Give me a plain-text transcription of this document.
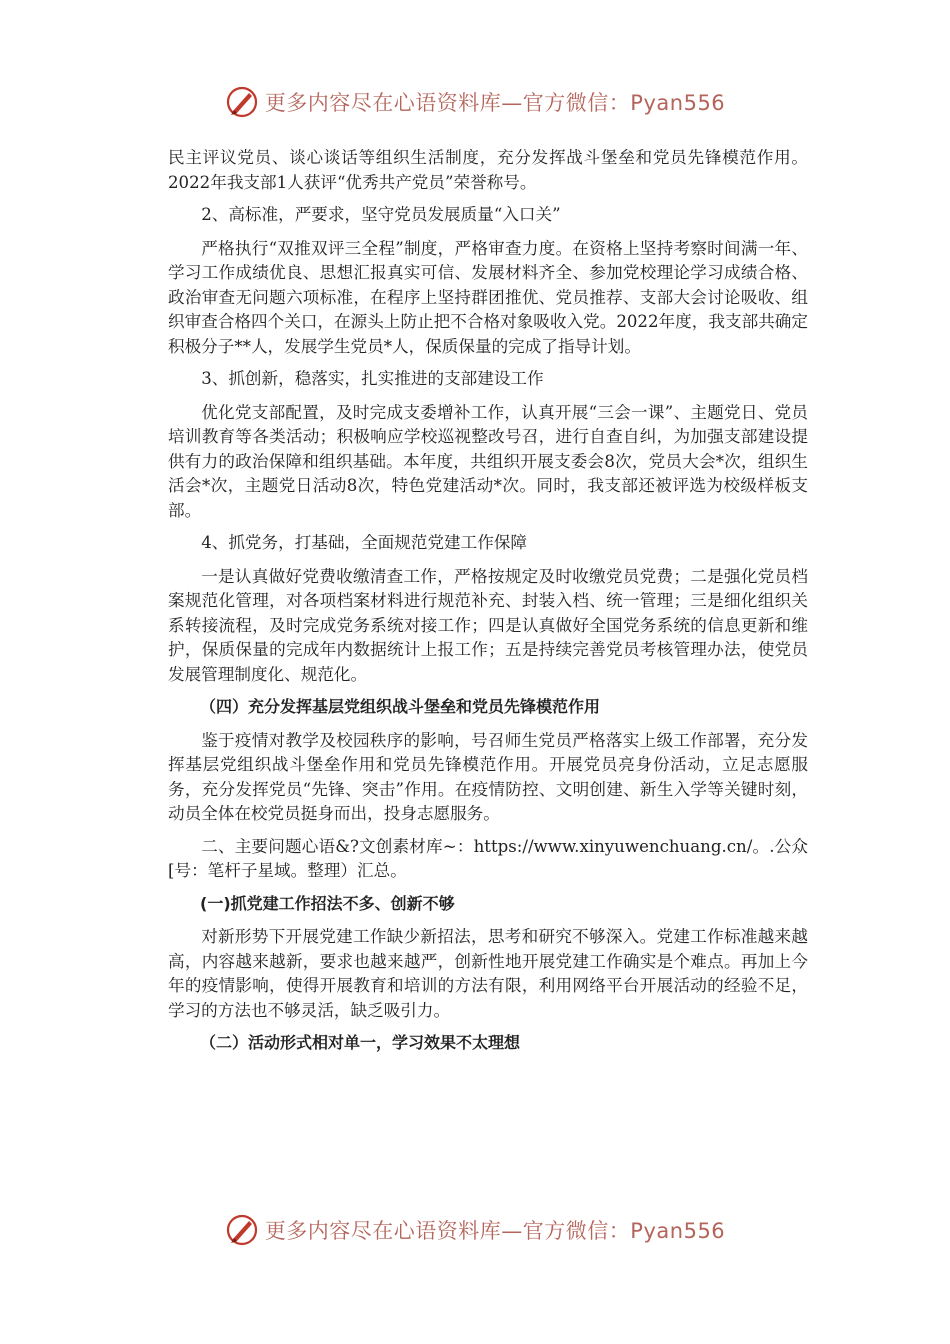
更多内容尽在心语资料库—官方微信：Pyan556

民主评议党员、谈心谈话等组织生活制度，充分发挥战斗堡垒和党员先锋模范作用。2022年我支部1人获评“优秀共产党员”荣誉称号。

2、高标准，严要求，坚守党员发展质量“入口关”

严格执行“双推双评三全程”制度，严格审查力度。在资格上坚持考察时间满一年、学习工作成绩优良、思想汇报真实可信、发展材料齐全、参加党校理论学习成绩合格、政治审查无问题六项标准，在程序上坚持群团推优、党员推荐、支部大会讨论吸收、组织审查合格四个关口，在源头上防止把不合格对象吸收入党。2022年度，我支部共确定积极分子**人，发展学生党员*人，保质保量的完成了指导计划。

3、抓创新，稳落实，扎实推进的支部建设工作

优化党支部配置，及时完成支委增补工作，认真开展“三会一课”、主题党日、党员培训教育等各类活动；积极响应学校巡视整改号召，进行自查自纠，为加强支部建设提供有力的政治保障和组织基础。本年度，共组织开展支委会8次，党员大会*次，组织生活会*次，主题党日活动8次，特色党建活动*次。同时，我支部还被评选为校级样板支部。

4、抓党务，打基础，全面规范党建工作保障

一是认真做好党费收缴清查工作，严格按规定及时收缴党员党费；二是强化党员档案规范化管理，对各项档案材料进行规范补充、封装入档、统一管理；三是细化组织关系转接流程，及时完成党务系统对接工作；四是认真做好全国党务系统的信息更新和维护，保质保量的完成年内数据统计上报工作；五是持续完善党员考核管理办法，使党员发展管理制度化、规范化。

（四）充分发挥基层党组织战斗堡垒和党员先锋模范作用

鉴于疫情对教学及校园秩序的影响，号召师生党员严格落实上级工作部署，充分发挥基层党组织战斗堡垒作用和党员先锋模范作用。开展党员亮身份活动，立足志愿服务，充分发挥党员“先锋、突击”作用。在疫情防控、文明创建、新生入学等关键时刻，动员全体在校党员挺身而出，投身志愿服务。

二、主要问题心语&?文创素材库~：https://www.xinyuwenchuang.cn/。.公众[号：笔杆子星域。整理）汇总。

(一)抓党建工作招法不多、创新不够

对新形势下开展党建工作缺少新招法，思考和研究不够深入。党建工作标准越来越高，内容越来越新，要求也越来越严，创新性地开展党建工作确实是个难点。再加上今年的疫情影响，使得开展教育和培训的方法有限，利用网络平台开展活动的经验不足，学习的方法也不够灵活，缺乏吸引力。

（二）活动形式相对单一，学习效果不太理想

更多内容尽在心语资料库—官方微信：Pyan556
